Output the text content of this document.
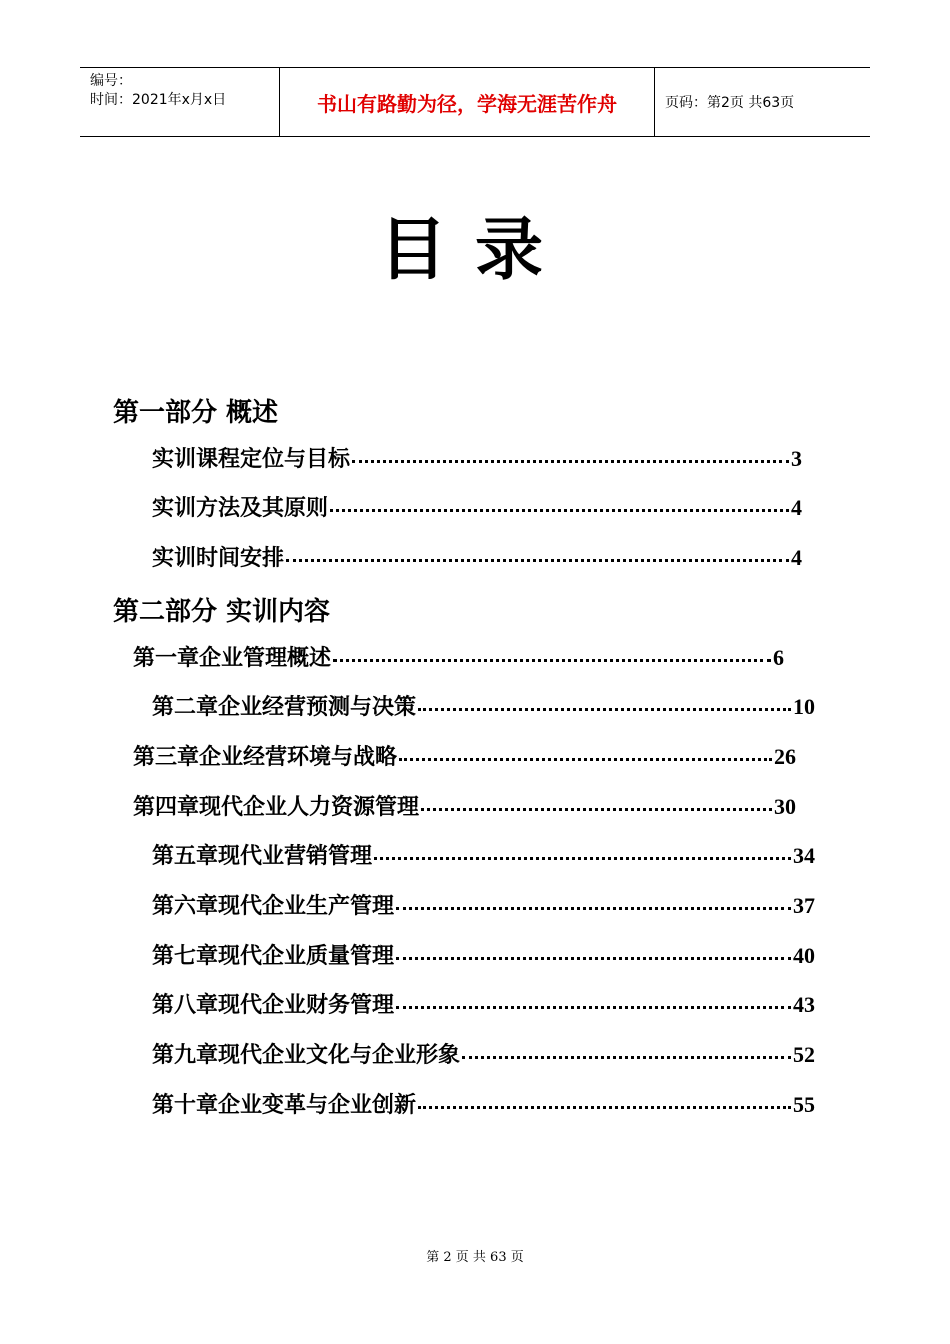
编号：
时间：2021年x月x日	书山有路勤为径，学海无涯苦作舟	页码：第2页 共63页
目录
第一部分 概述
实训课程定位与目标	3
实训方法及其原则	4
实训时间安排	4
第二部分 实训内容
第一章企业管理概述	6
第二章企业经营预测与决策	10
第三章企业经营环境与战略	26
第四章现代企业人力资源管理	30
第五章现代业营销管理	34
第六章现代企业生产管理	37
第七章现代企业质量管理	40
第八章现代企业财务管理	43
第九章现代企业文化与企业形象	52
第十章企业变革与企业创新	55
第 2 页 共 63 页
